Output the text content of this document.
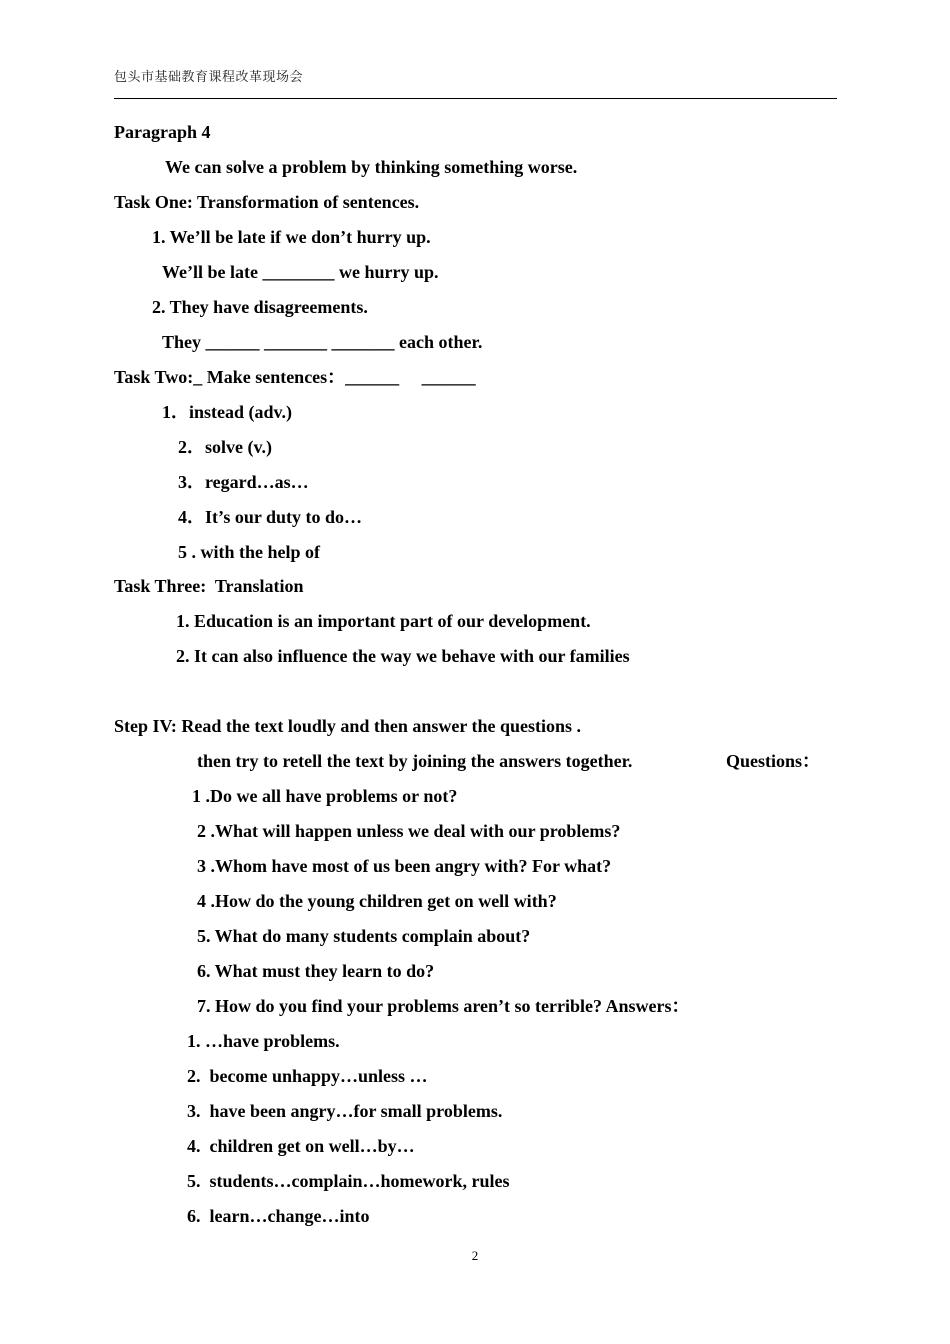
包头市基础教育课程改革现场会
Paragraph 4
We can solve a problem by thinking something worse.
Task One: Transformation of sentences.
1. We’ll be late if we don’t hurry up.
We’ll be late ________ we hurry up.
2. They have disagreements.
They ______ _______ _______ each other.
Task Two:_ Make sentences：______     ______
1．instead (adv.)
2．solve (v.)
3．regard…as…
4．It’s our duty to do…
5 . with the help of
Task Three:  Translation
1. Education is an important part of our development.
2. It can also influence the way we behave with our families
Step IV: Read the text loudly and then answer the questions .
then try to retell the text by joining the answers together.	Questions：
1 .Do we all have problems or not?
2 .What will happen unless we deal with our problems?
3 .Whom have most of us been angry with? For what?
4 .How do the young children get on well with?
5. What do many students complain about?
6. What must they learn to do?
7. How do you find your problems aren’t so terrible? Answers：
1. …have problems.
2.  become unhappy…unless …
3.  have been angry…for small problems.
4.  children get on well…by…
5.  students…complain…homework, rules
6.  learn…change…into
2
